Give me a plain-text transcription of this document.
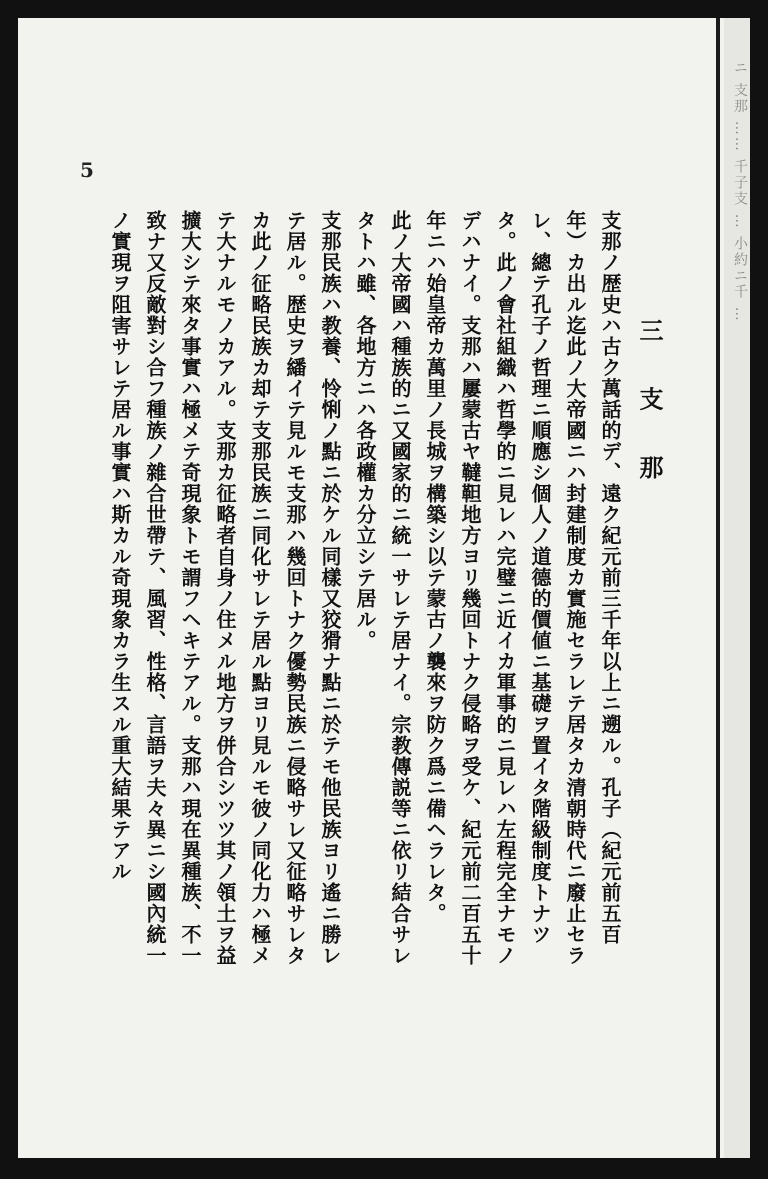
ニ 支那 …… 千子支 … 小約ニ千 …
5
三 支 那

支那ノ歴史ハ古ク萬話的デ、遠ク紀元前三千年以上ニ遡ル。孔子（紀元前五百年）カ出ル迄此ノ大帝國ニハ封建制度カ實施セラレテ居タカ清朝時代ニ廢止セラレ、總テ孔子ノ哲理ニ順應シ個人ノ道德的價値ニ基礎ヲ置イタ階級制度トナツタ。此ノ會社組織ハ哲學的ニ見レハ完璧ニ近イカ軍事的ニ見レハ左程完全ナモノデハナイ。支那ハ屢蒙古ヤ韃靼地方ヨリ幾回トナク侵略ヲ受ケ、紀元前二百五十年ニハ始皇帝カ萬里ノ長城ヲ構築シ以テ蒙古ノ襲來ヲ防ク爲ニ備ヘラレタ。

此ノ大帝國ハ種族的ニ又國家的ニ統一サレテ居ナイ。宗教傳説等ニ依リ結合サレタトハ雖、各地方ニハ各政權カ分立シテ居ル。

支那民族ハ教養、怜悧ノ點ニ於ケル同樣又狡猾ナ點ニ於テモ他民族ヨリ遙ニ勝レテ居ル。歴史ヲ繙イテ見ルモ支那ハ幾回トナク優勢民族ニ侵略サレ又征略サレタカ此ノ征略民族カ却テ支那民族ニ同化サレテ居ル點ヨリ見ルモ彼ノ同化力ハ極メテ大ナルモノカアル。支那カ征略者自身ノ住メル地方ヲ併合シツツ其ノ領土ヲ益擴大シテ來タ事實ハ極メテ奇現象トモ謂フヘキテアル。支那ハ現在異種族、不一致ナ又反敵對シ合フ種族ノ雜合世帶テ、風習、性格、言語ヲ夫々異ニシ國內統一ノ實現ヲ阻害サレテ居ル事實ハ斯カル奇現象カラ生スル重大結果テアル
